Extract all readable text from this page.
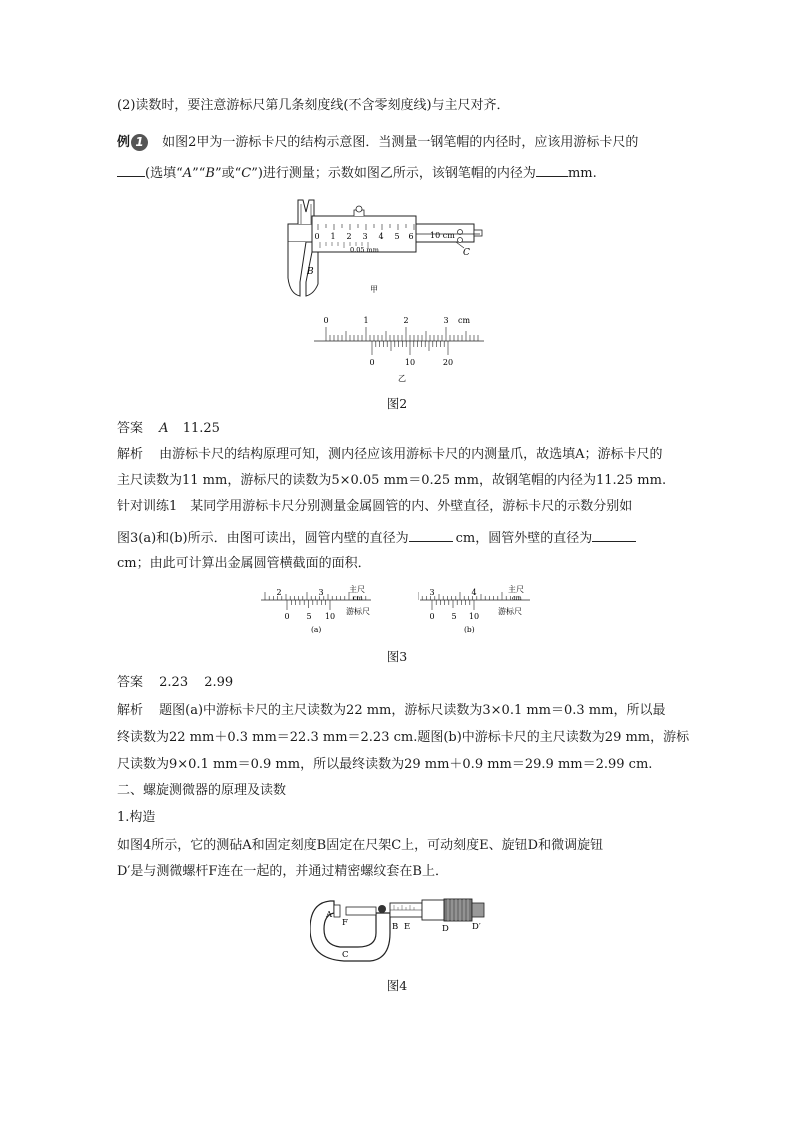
(2)读数时，要注意游标尺第几条刻度线(不含零刻度线)与主尺对齐．
例 1 如图2甲为一游标卡尺的结构示意图．当测量一钢笔帽的内径时，应该用游标卡尺的
(选填“A”“B”或“C”)进行测量；示数如图乙所示，该钢笔帽的内径为 mm.
0 1 2 3 4 5 6 10 cm
0.05 mm
B
C
甲
0	1	2	3 cm
0	10	20
乙
图2
答案 A 11.25
解析 由游标卡尺的结构原理可知，测内径应该用游标卡尺的内测量爪，故选填A；游标卡尺的
主尺读数为11 mm，游标尺的读数为5×0.05 mm＝0.25 mm，故钢笔帽的内径为11.25 mm.
针对训练1　某同学用游标卡尺分别测量金属圆管的内、外壁直径，游标卡尺的示数分别如
图3(a)和(b)所示．由图可读出，圆管内壁的直径为	cm，圆管外壁的直径为
cm；由此可计算出金属圆管横截面的面积．
2	3	主尺
cm
0 5 10
游标尺
(a)
3	4	主尺
cm
0 5 10
游标尺
(b)
图3
答案 2.23 2.99
解析 题图(a)中游标卡尺的主尺读数为22 mm，游标尺读数为3×0.1 mm＝0.3 mm，所以最
终读数为22 mm＋0.3 mm＝22.3 mm＝2.23 cm.题图(b)中游标卡尺的主尺读数为29 mm，游标
尺读数为9×0.1 mm＝0.9 mm，所以最终读数为29 mm＋0.9 mm＝29.9 mm＝2.99 cm.
二、螺旋测微器的原理及读数
1.构造
如图4所示，它的测砧A和固定刻度B固定在尺架C上，可动刻度E、旋钮D和微调旋钮
D′是与测微螺杆F连在一起的，并通过精密螺纹套在B上．
A
F	B E	D	D′
C
图4
